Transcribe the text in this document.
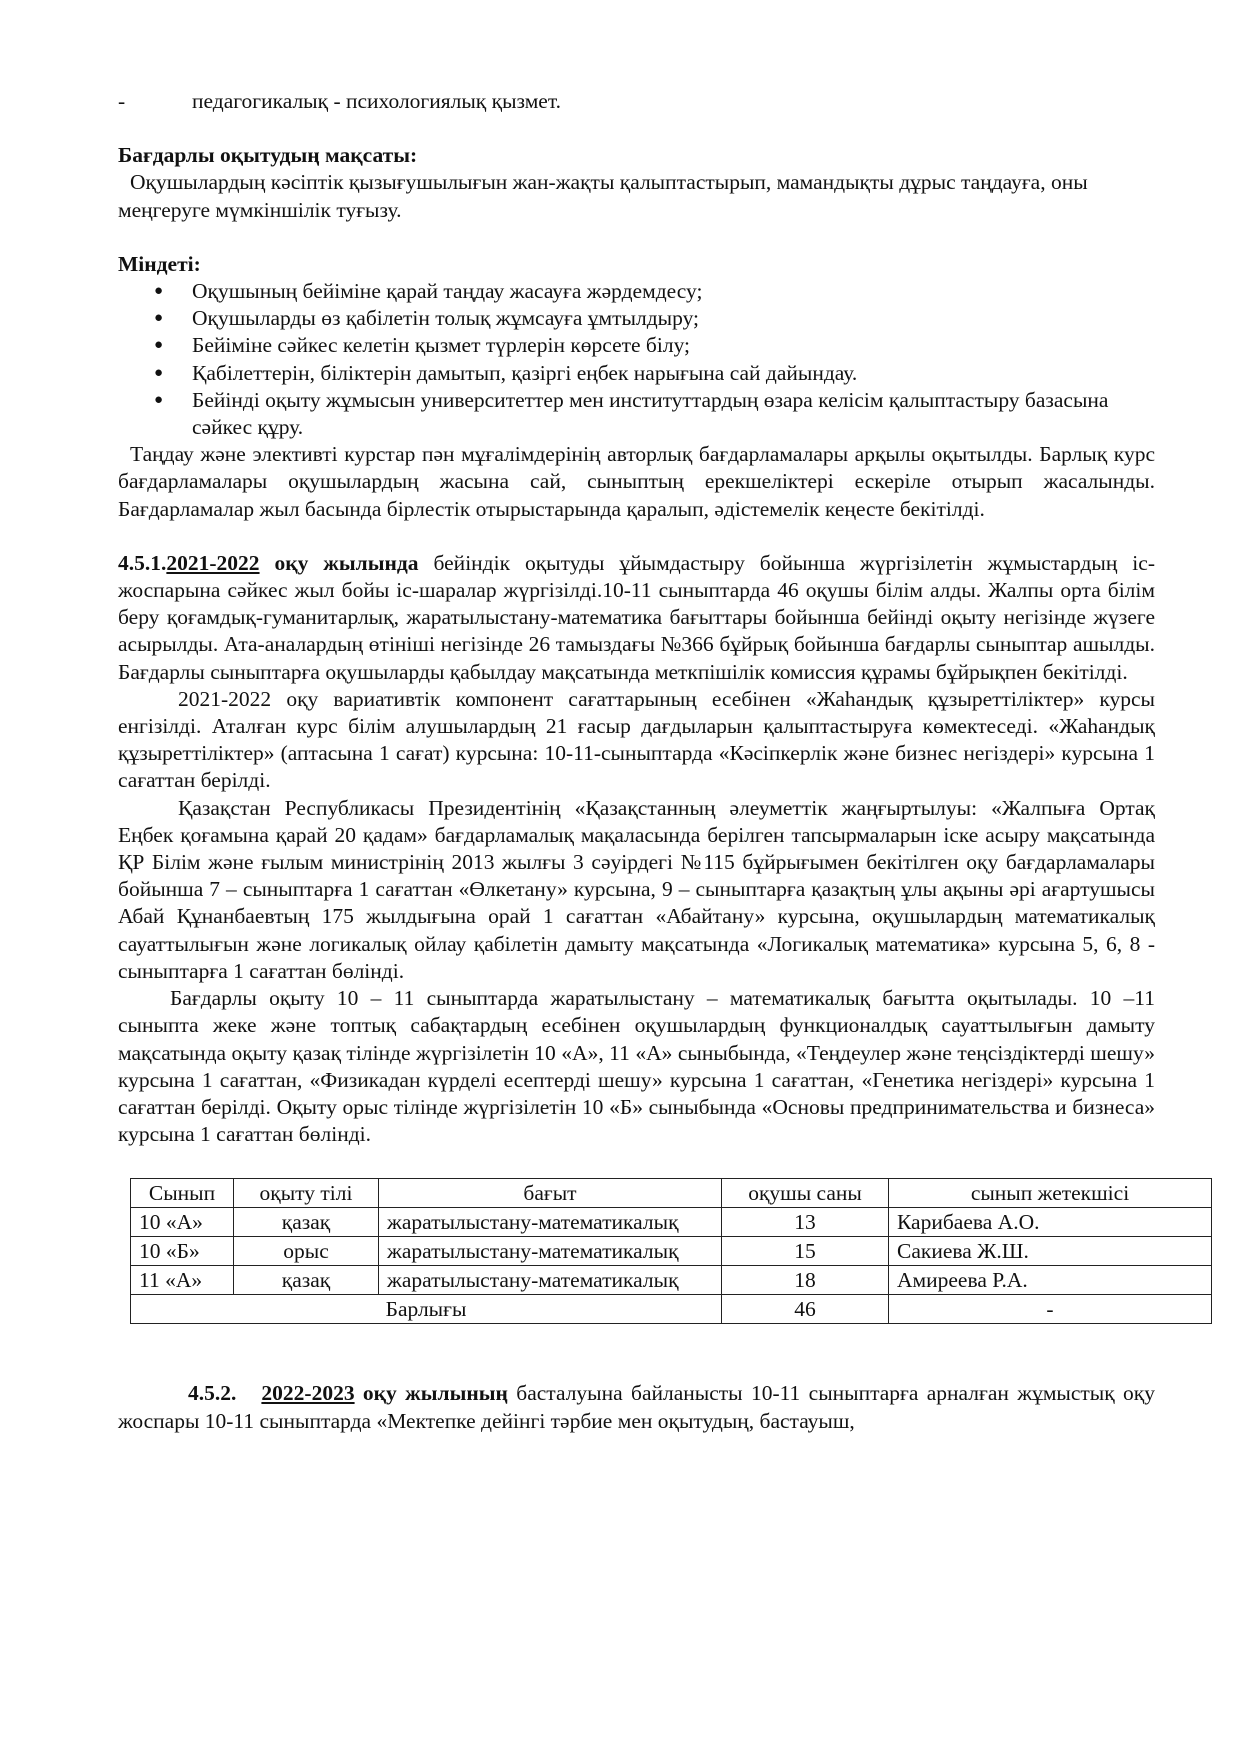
-	педагогикалық - психологиялық қызмет.

Бағдарлы оқытудың мақсаты:

Оқушылардың кәсіптік қызығушылығын жан-жақты қалыптастырып, мамандықты дұрыс таңдауға, оны меңгеруге мүмкіншілік туғызу.

Міндеті:

●	Оқушының бейіміне қарай таңдау жасауға жәрдемдесу;
●	Оқушыларды өз қабілетін толық жұмсауға ұмтылдыру;
●	Бейіміне сәйкес келетін қызмет түрлерін көрсете білу;
●	Қабілеттерін, біліктерін дамытып, қазіргі еңбек нарығына сай дайындау.
●	Бейінді оқыту жұмысын университеттер мен институттардың өзара келісім қалыптастыру базасына сәйкес құру.

Таңдау және элективті курстар пән мұғалімдерінің авторлық бағдарламалары арқылы оқытылды. Барлық курс бағдарламалары оқушылардың жасына сай, сыныптың ерекшеліктері ескеріле отырып жасалынды. Бағдарламалар жыл басында бірлестік отырыстарында қаралып, әдістемелік кеңесте бекітілді.

4.5.1.2021-2022 оқу жылында бейіндік оқытуды ұйымдастыру бойынша жүргізілетін жұмыстардың іс-жоспарына сәйкес жыл бойы іс-шаралар жүргізілді.10-11 сыныптарда 46 оқушы білім алды. Жалпы орта білім беру қоғамдық-гуманитарлық, жаратылыстану-математика бағыттары бойынша бейінді оқыту негізінде жүзеге асырылды. Ата-аналардың өтініші негізінде 26 тамыздағы №366 бұйрық бойынша бағдарлы сыныптар ашылды. Бағдарлы сыныптарға оқушыларды қабылдау мақсатында меткпішілік комиссия құрамы бұйрықпен бекітілді.

2021-2022 оқу вариативтік компонент сағаттарының есебінен «Жаһандық құзыреттіліктер» курсы енгізілді. Аталған курс білім алушылардың 21 ғасыр дағдыларын қалыптастыруға көмектеседі. «Жаһандық құзыреттіліктер» (аптасына 1 сағат) курсына: 10-11-сыныптарда «Кәсіпкерлік және бизнес негіздері» курсына 1 сағаттан берілді.

Қазақстан Республикасы Президентінің «Қазақстанның әлеуметтік жаңғыртылуы: «Жалпыға Ортақ Еңбек қоғамына қарай 20 қадам» бағдарламалық мақаласында берілген тапсырмаларын іске асыру мақсатында ҚР Білім және ғылым министрінің 2013 жылғы 3 сәуірдегі №115 бұйрығымен бекітілген оқу бағдарламалары бойынша 7 – сыныптарға 1 сағаттан «Өлкетану» курсына, 9 – сыныптарға қазақтың ұлы ақыны әрі ағартушысы Абай Құнанбаевтың 175 жылдығына орай 1 сағаттан «Абайтану» курсына, оқушылардың математикалық сауаттылығын және логикалық ойлау қабілетін дамыту мақсатында «Логикалық математика» курсына 5, 6, 8 - сыныптарға 1 сағаттан бөлінді.

Бағдарлы оқыту 10 – 11 сыныптарда жаратылыстану – математикалық бағытта оқытылады. 10 –11 сыныпта жеке және топтық сабақтардың есебінен оқушылардың функционалдық сауаттылығын дамыту мақсатында оқыту қазақ тілінде жүргізілетін 10 «А», 11 «А» сыныбында, «Теңдеулер және теңсіздіктерді шешу» курсына 1 сағаттан, «Физикадан күрделі есептерді шешу» курсына 1 сағаттан, «Генетика негіздері» курсына 1 сағаттан берілді. Оқыту орыс тілінде жүргізілетін 10 «Б» сыныбында «Основы предпринимательства и бизнеса» курсына 1 сағаттан бөлінді.

Сынып	оқыту тілі	бағыт	оқушы саны	сынып жетекшісі
10 «А»	қазақ	жаратылыстану-математикалық	13	Карибаева А.О.
10 «Б»	орыс	жаратылыстану-математикалық	15	Сакиева Ж.Ш.
11 «А»	қазақ	жаратылыстану-математикалық	18	Амиреева Р.А.
Барлығы			46	-

4.5.2. 2022-2023 оқу жылының басталуына байланысты 10-11 сыныптарға арналған жұмыстық оқу жоспары 10-11 сыныптарда «Мектепке дейінгі тәрбие мен оқытудың, бастауыш,
